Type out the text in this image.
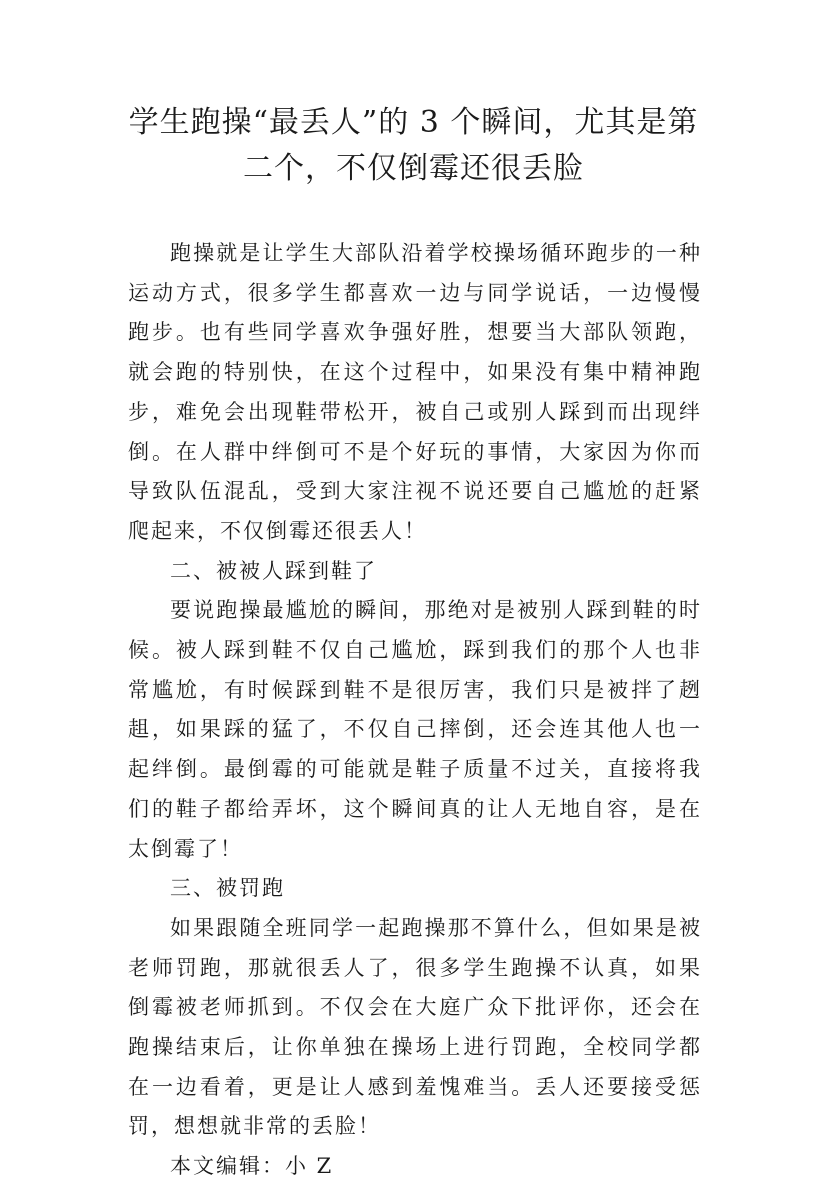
学生跑操“最丢人”的 3 个瞬间，尤其是第
二个，不仅倒霉还很丢脸

跑操就是让学生大部队沿着学校操场循环跑步的一种运动方式，很多学生都喜欢一边与同学说话，一边慢慢跑步。也有些同学喜欢争强好胜，想要当大部队领跑，就会跑的特别快，在这个过程中，如果没有集中精神跑步，难免会出现鞋带松开，被自己或别人踩到而出现绊倒。在人群中绊倒可不是个好玩的事情，大家因为你而导致队伍混乱，受到大家注视不说还要自己尴尬的赶紧爬起来，不仅倒霉还很丢人！

二、被被人踩到鞋了

要说跑操最尴尬的瞬间，那绝对是被别人踩到鞋的时候。被人踩到鞋不仅自己尴尬，踩到我们的那个人也非常尴尬，有时候踩到鞋不是很厉害，我们只是被拌了趔趄，如果踩的猛了，不仅自己摔倒，还会连其他人也一起绊倒。最倒霉的可能就是鞋子质量不过关，直接将我们的鞋子都给弄坏，这个瞬间真的让人无地自容，是在太倒霉了！

三、被罚跑

如果跟随全班同学一起跑操那不算什么，但如果是被老师罚跑，那就很丢人了，很多学生跑操不认真，如果倒霉被老师抓到。不仅会在大庭广众下批评你，还会在跑操结束后，让你单独在操场上进行罚跑，全校同学都在一边看着，更是让人感到羞愧难当。丢人还要接受惩罚，想想就非常的丢脸！

本文编辑：小 Z
